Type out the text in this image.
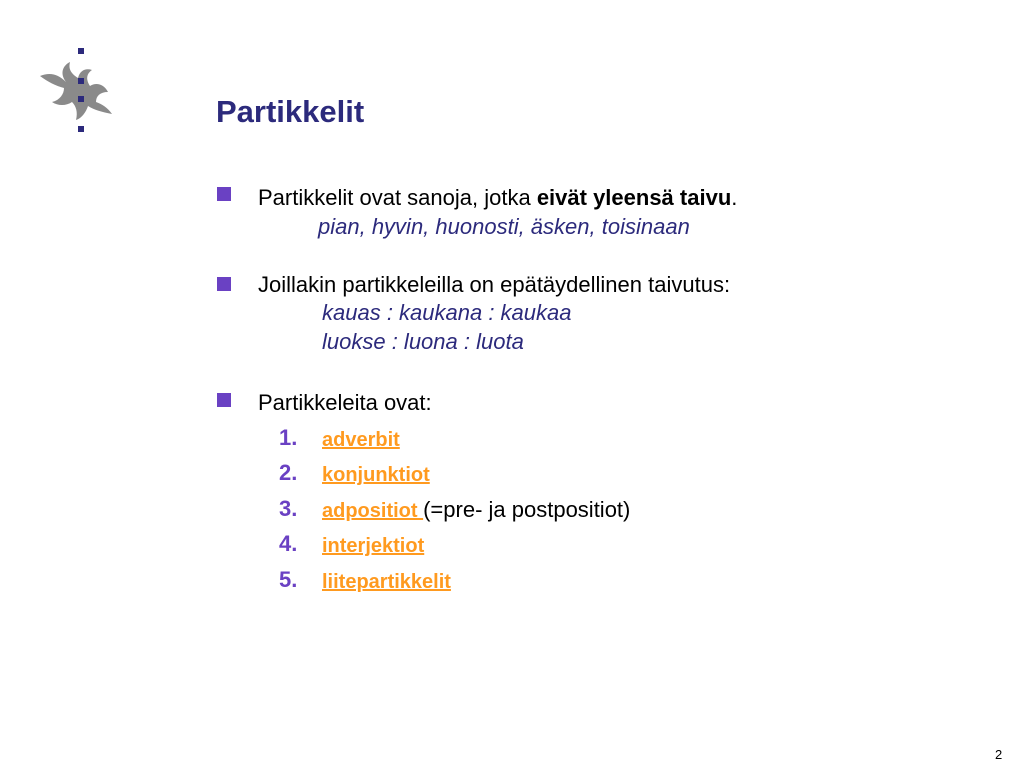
Partikkelit
Partikkelit ovat sanoja, jotka eivät yleensä taivu.
pian, hyvin, huonosti, äsken, toisinaan
Joillakin partikkeleilla on epätäydellinen taivutus:
kauas : kaukana : kaukaa
luokse : luona : luota
Partikkeleita ovat:
1. adverbit
2. konjunktiot
3. adpositiot (=pre- ja postpositiot)
4. interjektiot
5. liitepartikkelit
2
